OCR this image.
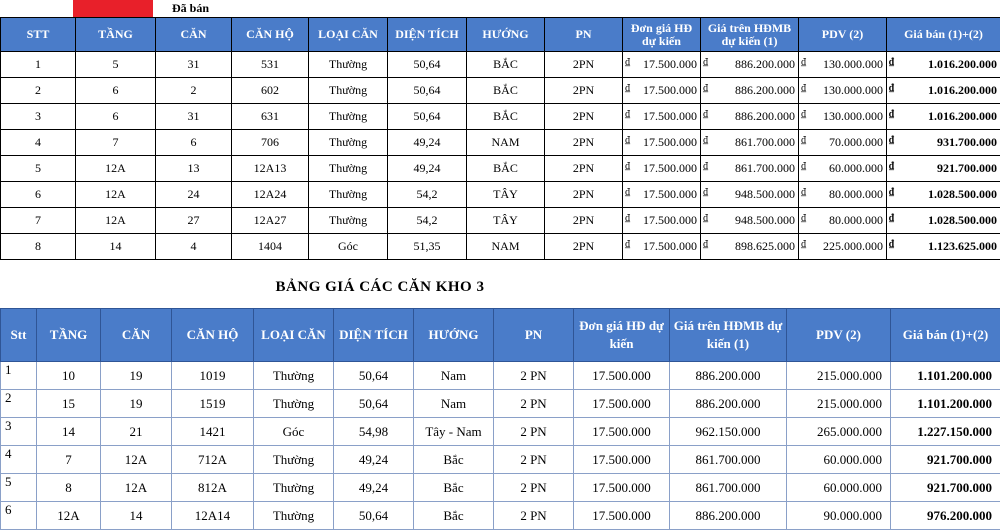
Đã bán
STT	TẦNG	CĂN	CĂN HỘ	LOẠI CĂN	DIỆN TÍCH	HƯỚNG	PN	Đơn giá HĐ dự kiến	Giá trên HĐMB dự kiến (1)	PDV (2)	Giá bán (1)+(2)
1	5	31	531	Thường	50,64	BẮC	2PN	₫ 17.500.000	₫ 886.200.000	₫ 130.000.000	₫ 1.016.200.000

2	6	2	602	Thường	50,64	BẮC	2PN	₫ 17.500.000	₫ 886.200.000	₫ 130.000.000	₫ 1.016.200.000

3	6	31	631	Thường	50,64	BẮC	2PN	₫ 17.500.000	₫ 886.200.000	₫ 130.000.000	₫ 1.016.200.000

4	7	6	706	Thường	49,24	NAM	2PN	₫ 17.500.000	₫ 861.700.000	₫ 70.000.000	₫ 931.700.000

5	12A	13	12A13	Thường	49,24	BẮC	2PN	₫ 17.500.000	₫ 861.700.000	₫ 60.000.000	₫ 921.700.000

6	12A	24	12A24	Thường	54,2	TÂY	2PN	₫ 17.500.000	₫ 948.500.000	₫ 80.000.000	₫ 1.028.500.000

7	12A	27	12A27	Thường	54,2	TÂY	2PN	₫ 17.500.000	₫ 948.500.000	₫ 80.000.000	₫ 1.028.500.000

8	14	4	1404	Góc	51,35	NAM	2PN	₫ 17.500.000	₫ 898.625.000	₫ 225.000.000	₫ 1.123.625.000
BẢNG GIÁ CÁC CĂN KHO 3
Stt	TẦNG	CĂN	CĂN HỘ	LOẠI CĂN	DIỆN TÍCH	HƯỚNG	PN	Đơn giá HĐ dự kiến	Giá trên HĐMB dự kiến (1)	PDV (2)	Giá bán (1)+(2)
1	10	19	1019	Thường	50,64	Nam	2 PN	17.500.000	886.200.000	215.000.000	1.101.200.000
2	15	19	1519	Thường	50,64	Nam	2 PN	17.500.000	886.200.000	215.000.000	1.101.200.000
3	14	21	1421	Góc	54,98	Tây - Nam	2 PN	17.500.000	962.150.000	265.000.000	1.227.150.000
4	7	12A	712A	Thường	49,24	Bắc	2 PN	17.500.000	861.700.000	60.000.000	921.700.000
5	8	12A	812A	Thường	49,24	Bắc	2 PN	17.500.000	861.700.000	60.000.000	921.700.000
6	12A	14	12A14	Thường	50,64	Bắc	2 PN	17.500.000	886.200.000	90.000.000	976.200.000
